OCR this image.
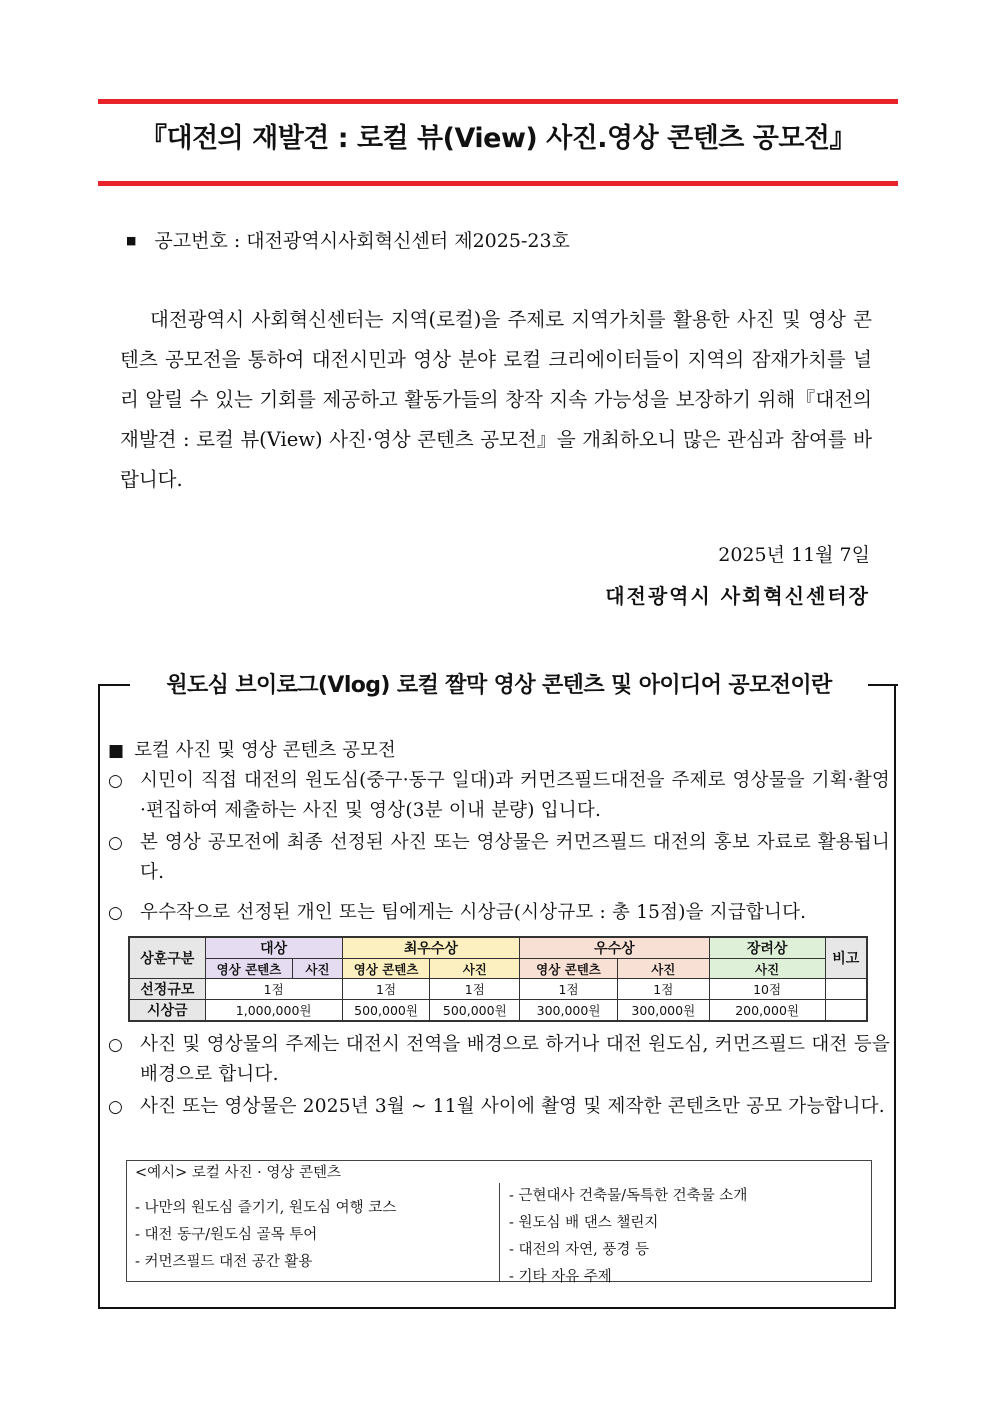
『대전의 재발견 : 로컬 뷰(View) 사진.영상 콘텐츠 공모전』
■ 공고번호 : 대전광역시사회혁신센터 제2025-23호
대전광역시 사회혁신센터는 지역(로컬)을 주제로 지역가치를 활용한 사진 및 영상 콘텐츠 공모전을 통하여 대전시민과 영상 분야 로컬 크리에이터들이 지역의 잠재가치를 널리 알릴 수 있는 기회를 제공하고 활동가들의 창작 지속 가능성을 보장하기 위해『대전의 재발견 : 로컬 뷰(View) 사진·영상 콘텐츠 공모전』을 개최하오니 많은 관심과 참여를 바랍니다.
2025년 11월 7일
대전광역시 사회혁신센터장
원도심 브이로그(Vlog) 로컬 짤막 영상 콘텐츠 및 아이디어 공모전이란
■ 로컬 사진 및 영상 콘텐츠 공모전
○ 시민이 직접 대전의 원도심(중구·동구 일대)과 커먼즈필드대전을 주제로 영상물을 기획·촬영·편집하여 제출하는 사진 및 영상(3분 이내 분량) 입니다.
○ 본 영상 공모전에 최종 선정된 사진 또는 영상물은 커먼즈필드 대전의 홍보 자료로 활용됩니다.
○ 우수작으로 선정된 개인 또는 팀에게는 시상금(시상규모 : 총 15점)을 지급합니다.
상훈구분	대상		최우수상		우수상		장려상	비고
	영상 콘텐츠	사진	영상 콘텐츠	사진	영상 콘텐츠	사진	사진	
선정규모	1점		1점	1점	1점	1점	10점	
시상금	1,000,000원		500,000원	500,000원	300,000원	300,000원	200,000원	
○ 사진 및 영상물의 주제는 대전시 전역을 배경으로 하거나 대전 원도심, 커먼즈필드 대전 등을 배경으로 합니다.
○ 사진 또는 영상물은 2025년 3월 ~ 11월 사이에 촬영 및 제작한 콘텐츠만 공모 가능합니다.
<예시> 로컬 사진 · 영상 콘텐츠
- 나만의 원도심 즐기기, 원도심 여행 코스
- 대전 동구/원도심 골목 투어
- 커먼즈필드 대전 공간 활용
- 근현대사 건축물/독특한 건축물 소개
- 원도심 배 댄스 챌린지
- 대전의 자연, 풍경 등
- 기타 자유 주제
